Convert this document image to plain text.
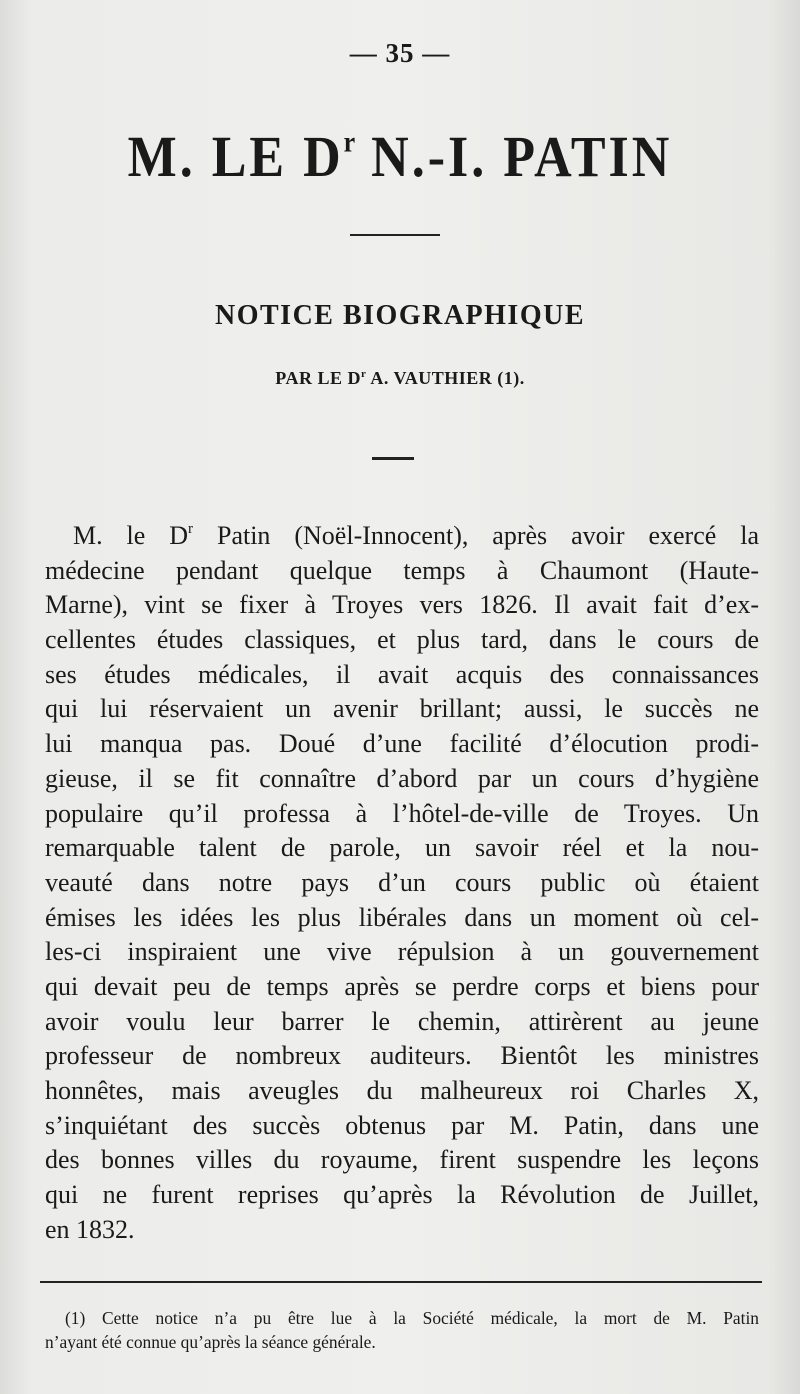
— 35 —
M. LE $D^r$ N.-I. PATIN
NOTICE BIOGRAPHIQUE
PAR LE $D^r$ A. VAUTHIER (1).
M. le $D^r$ Patin (Noël-Innocent), après avoir exercé la
médecine pendant quelque temps à Chaumont (Haute-
Marne), vint se fixer à Troyes vers 1826. Il avait fait d’ex-
cellentes études classiques, et plus tard, dans le cours de
ses études médicales, il avait acquis des connaissances
qui lui réservaient un avenir brillant; aussi, le succès ne
lui manqua pas. Doué d’une facilité d’élocution prodi-
gieuse, il se fit connaître d’abord par un cours d’hygiène
populaire qu’il professa à l’hôtel-de-ville de Troyes. Un
remarquable talent de parole, un savoir réel et la nou-
veauté dans notre pays d’un cours public où étaient
émises les idées les plus libérales dans un moment où cel-
les-ci inspiraient une vive répulsion à un gouvernement
qui devait peu de temps après se perdre corps et biens pour
avoir voulu leur barrer le chemin, attirèrent au jeune
professeur de nombreux auditeurs. Bientôt les ministres
honnêtes, mais aveugles du malheureux roi Charles X,
s’inquiétant des succès obtenus par M. Patin, dans une
des bonnes villes du royaume, firent suspendre les leçons
qui ne furent reprises qu’après la Révolution de Juillet,
en 1832.
(1) Cette notice n’a pu être lue à la Société médicale, la mort de M. Patin
n’ayant été connue qu’après la séance générale.
